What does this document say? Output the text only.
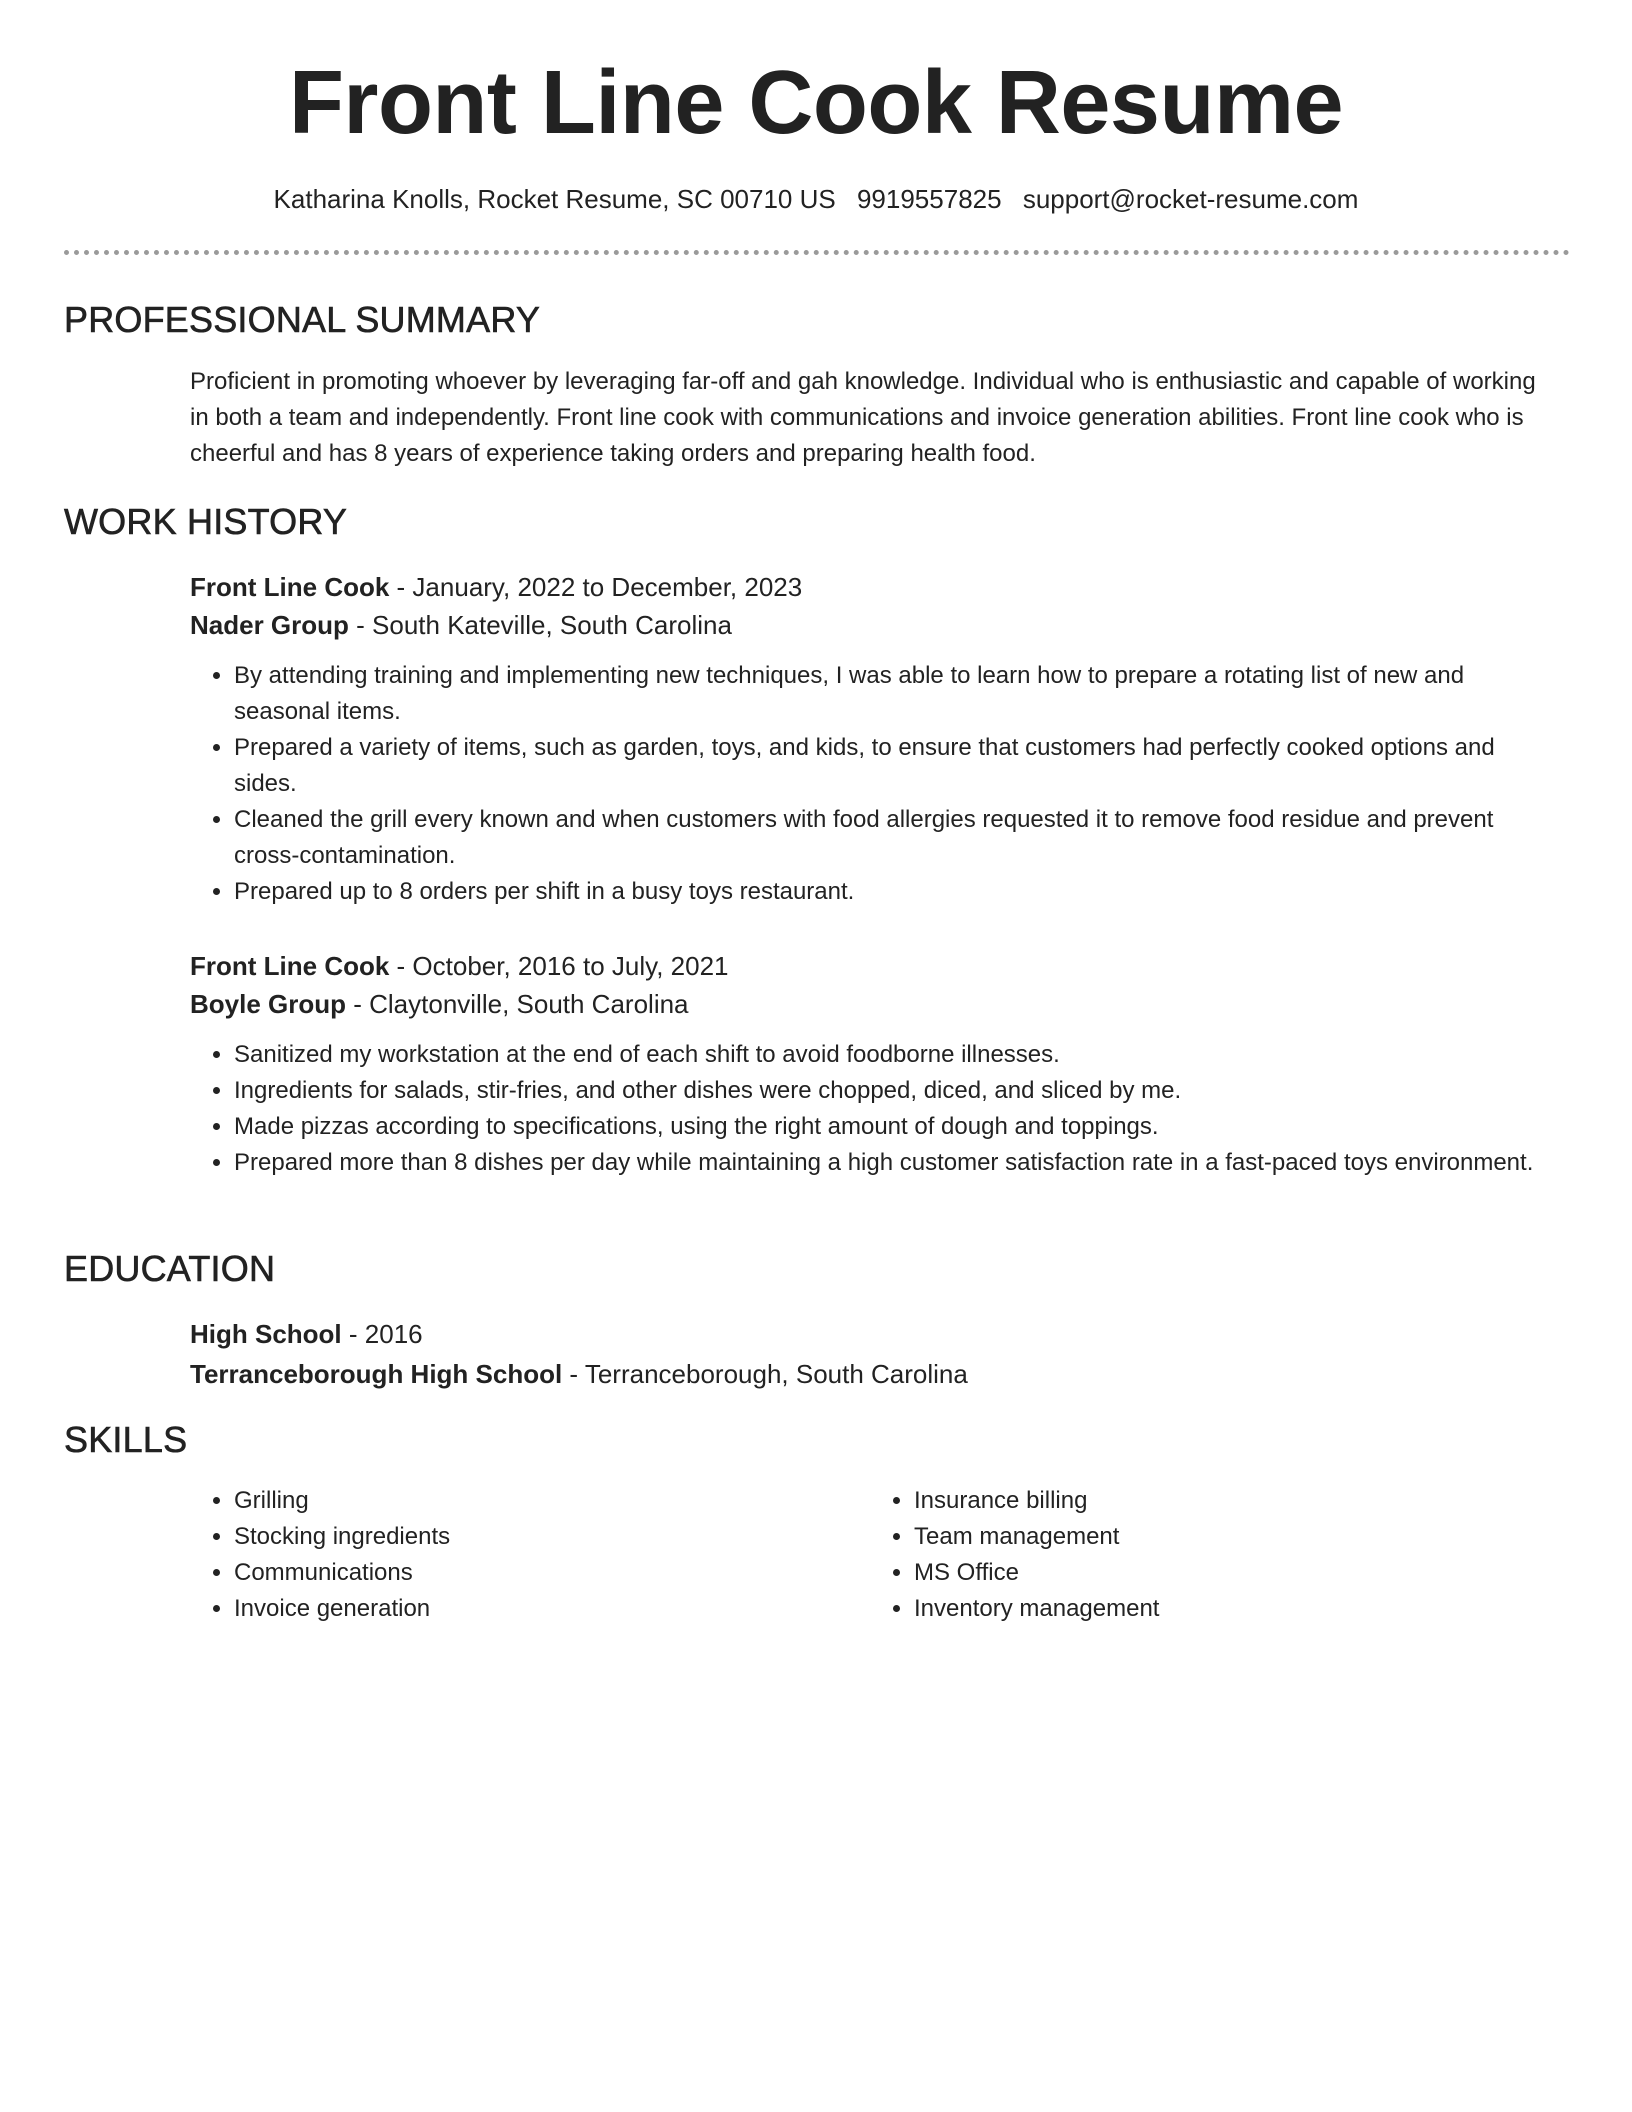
Front Line Cook Resume
Katharina Knolls, Rocket Resume, SC 00710 US 9919557825 support@rocket-resume.com
PROFESSIONAL SUMMARY

Proficient in promoting whoever by leveraging far-off and gah knowledge. Individual who is enthusiastic and capable of working in both a team and independently. Front line cook with communications and invoice generation abilities. Front line cook who is cheerful and has 8 years of experience taking orders and preparing health food.

WORK HISTORY
Front Line Cook - January, 2022 to December, 2023
Nader Group - South Kateville, South Carolina
• By attending training and implementing new techniques, I was able to learn how to prepare a rotating list of new and seasonal items.
• Prepared a variety of items, such as garden, toys, and kids, to ensure that customers had perfectly cooked options and sides.
• Cleaned the grill every known and when customers with food allergies requested it to remove food residue and prevent cross-contamination.
• Prepared up to 8 orders per shift in a busy toys restaurant.
Front Line Cook - October, 2016 to July, 2021
Boyle Group - Claytonville, South Carolina
• Sanitized my workstation at the end of each shift to avoid foodborne illnesses.
• Ingredients for salads, stir-fries, and other dishes were chopped, diced, and sliced by me.
• Made pizzas according to specifications, using the right amount of dough and toppings.
• Prepared more than 8 dishes per day while maintaining a high customer satisfaction rate in a fast-paced toys environment.
EDUCATION
High School - 2016
Terranceborough High School - Terranceborough, South Carolina
SKILLS
• Grilling
• Stocking ingredients
• Communications
• Invoice generation
• Insurance billing
• Team management
• MS Office
• Inventory management
